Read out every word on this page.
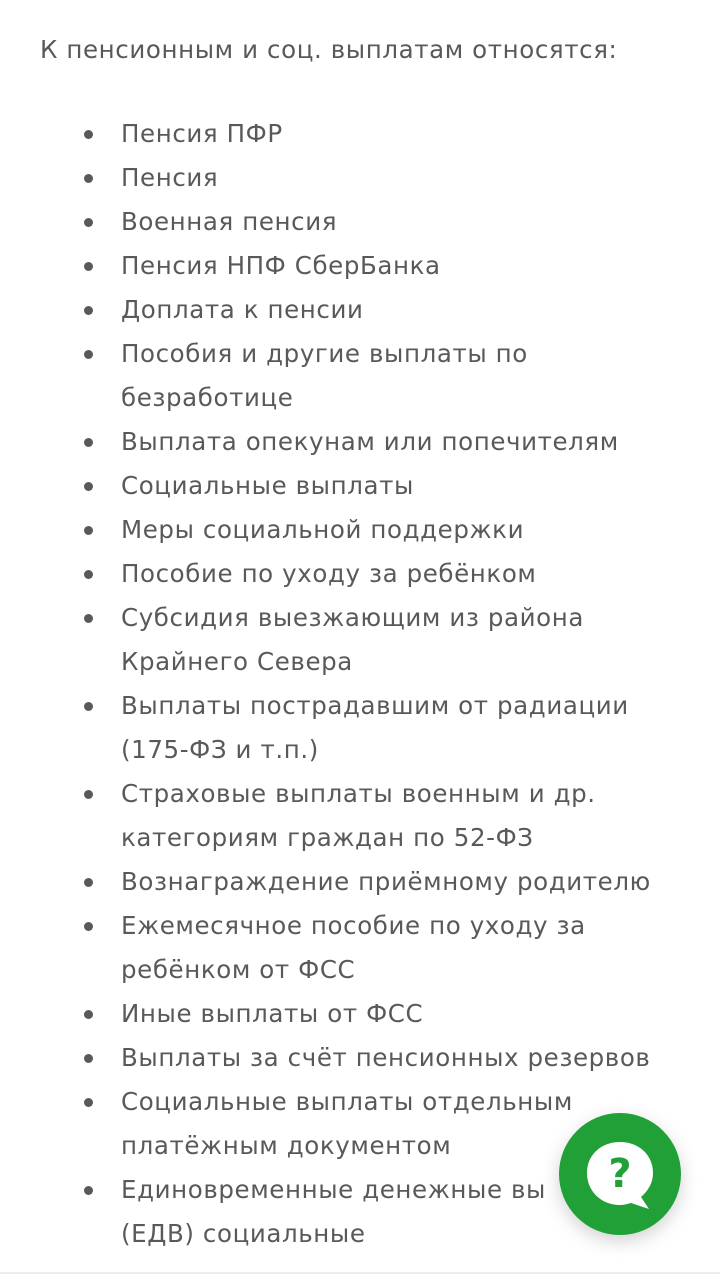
К пенсионным и соц. выплатам относятся:

Пенсия ПФР
Пенсия
Военная пенсия
Пенсия НПФ СберБанка
Доплата к пенсии
Пособия и другие выплаты по
безработице
Выплата опекунам или попечителям
Социальные выплаты
Меры социальной поддержки
Пособие по уходу за ребёнком
Субсидия выезжающим из района
Крайнего Севера
Выплаты пострадавшим от радиации
(175-ФЗ и т.п.)
Страховые выплаты военным и др.
категориям граждан по 52-ФЗ
Вознаграждение приёмному родителю
Ежемесячное пособие по уходу за
ребёнком от ФСС
Иные выплаты от ФСС
Выплаты за счёт пенсионных резервов
Социальные выплаты отдельным
платёжным документом
Единовременные денежные вы
(ЕДВ) социальные
?
